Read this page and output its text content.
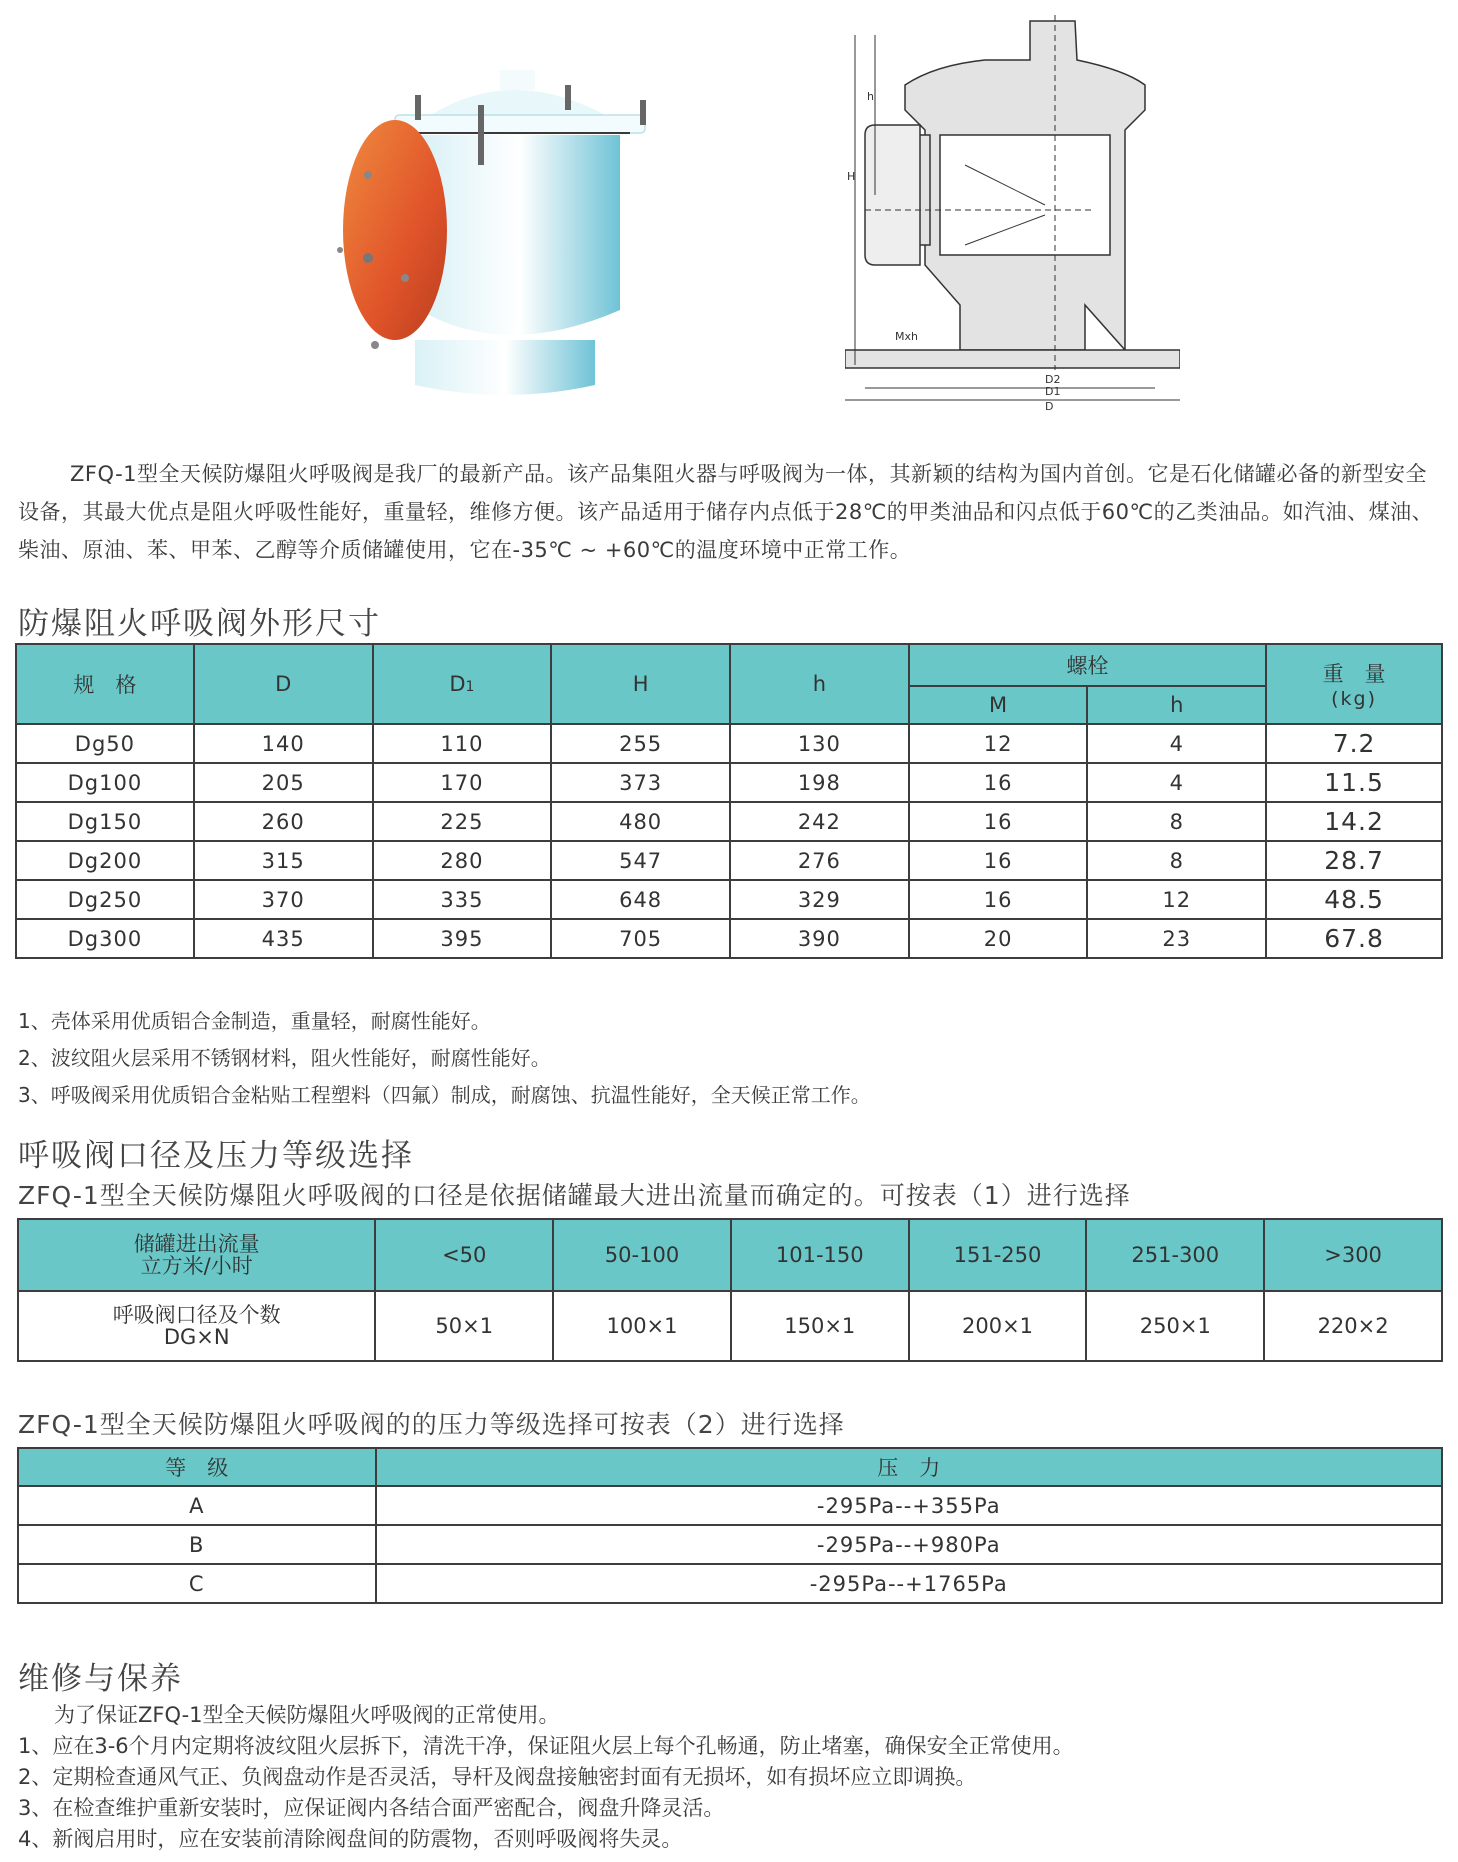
H
h
Mxh
D2
D1
D

ZFQ-1型全天候防爆阻火呼吸阀是我厂的最新产品。该产品集阻火器与呼吸阀为一体，其新颖的结构为国内首创。它是石化储罐必备的新型安全设备，其最大优点是阻火呼吸性能好，重量轻，维修方便。该产品适用于储存内点低于28℃的甲类油品和闪点低于60℃的乙类油品。如汽油、煤油、柴油、原油、苯、甲苯、乙醇等介质储罐使用，它在-35℃ ~ +60℃的温度环境中正常工作。

防爆阻火呼吸阀外形尺寸
规　格	D	D1	H	h	螺栓		重　量
(kg)

					M	h	
Dg50	140	110	255	130	12	4	7.2
Dg100	205	170	373	198	16	4	11.5
Dg150	260	225	480	242	16	8	14.2
Dg200	315	280	547	276	16	8	28.7
Dg250	370	335	648	329	16	12	48.5
Dg300	435	395	705	390	20	23	67.8
1、壳体采用优质铝合金制造，重量轻，耐腐性能好。
2、波纹阻火层采用不锈钢材料，阻火性能好，耐腐性能好。
3、呼吸阀采用优质铝合金粘贴工程塑料（四氟）制成，耐腐蚀、抗温性能好，全天候正常工作。
呼吸阀口径及压力等级选择
ZFQ-1型全天候防爆阻火呼吸阀的口径是依据储罐最大进出流量而确定的。可按表（1）进行选择
储罐进出流量
立方米/小时	<50	50-100	101-150	151-250	251-300	>300

呼吸阀口径及个数
DG×N	50×1	100×1	150×1	200×1	250×1	220×2
ZFQ-1型全天候防爆阻火呼吸阀的的压力等级选择可按表（2）进行选择
等　级	压　力
A	-295Pa--+355Pa
B	-295Pa--+980Pa
C	-295Pa--+1765Pa
维修与保养
为了保证ZFQ-1型全天候防爆阻火呼吸阀的正常使用。
1、应在3-6个月内定期将波纹阻火层拆下，清洗干净，保证阻火层上每个孔畅通，防止堵塞，确保安全正常使用。
2、定期检查通风气正、负阀盘动作是否灵活，导杆及阀盘接触密封面有无损坏，如有损坏应立即调换。
3、在检查维护重新安装时，应保证阀内各结合面严密配合，阀盘升降灵活。
4、新阀启用时，应在安装前清除阀盘间的防震物，否则呼吸阀将失灵。
